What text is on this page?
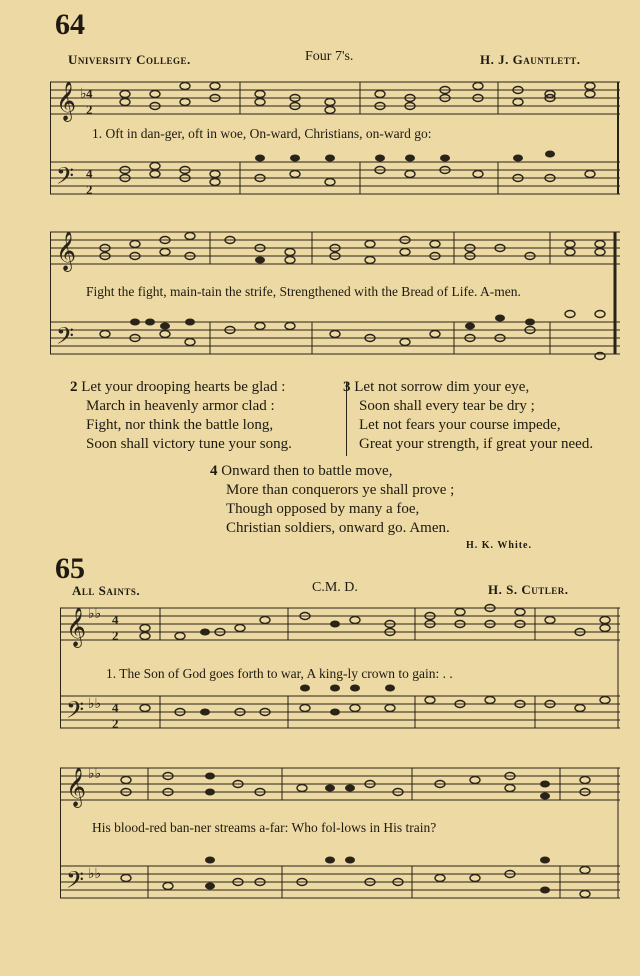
64
University College.	Four 7's.	H. J. Gauntlett.
𝄞
𝄢
4
2
4
2
♭
1. Oft in dan-ger, oft in woe, On-ward, Christians, on-ward go:
𝄞
𝄢
Fight the fight, main-tain the strife, Strengthened with the Bread of Life. A-men.
2 Let your drooping hearts be glad :
March in heavenly armor clad :
Fight, nor think the battle long,
Soon shall victory tune your song.
3 Let not sorrow dim your eye,
Soon shall every tear be dry ;
Let not fears your course impede,
Great your strength, if great your need.
4 Onward then to battle move,
More than conquerors ye shall prove ;
Though opposed by many a foe,
Christian soldiers, onward go. Amen.
H. K. White.
65
All Saints.	C.M. D.	H. S. Cutler.
𝄞
𝄢
♭♭ 4
2
♭♭ 4
2
1. The Son of God goes forth to war, A king-ly crown to gain: . .
𝄞
𝄢
♭♭
♭♭
His blood-red ban-ner streams a-far: Who fol-lows in His train?
